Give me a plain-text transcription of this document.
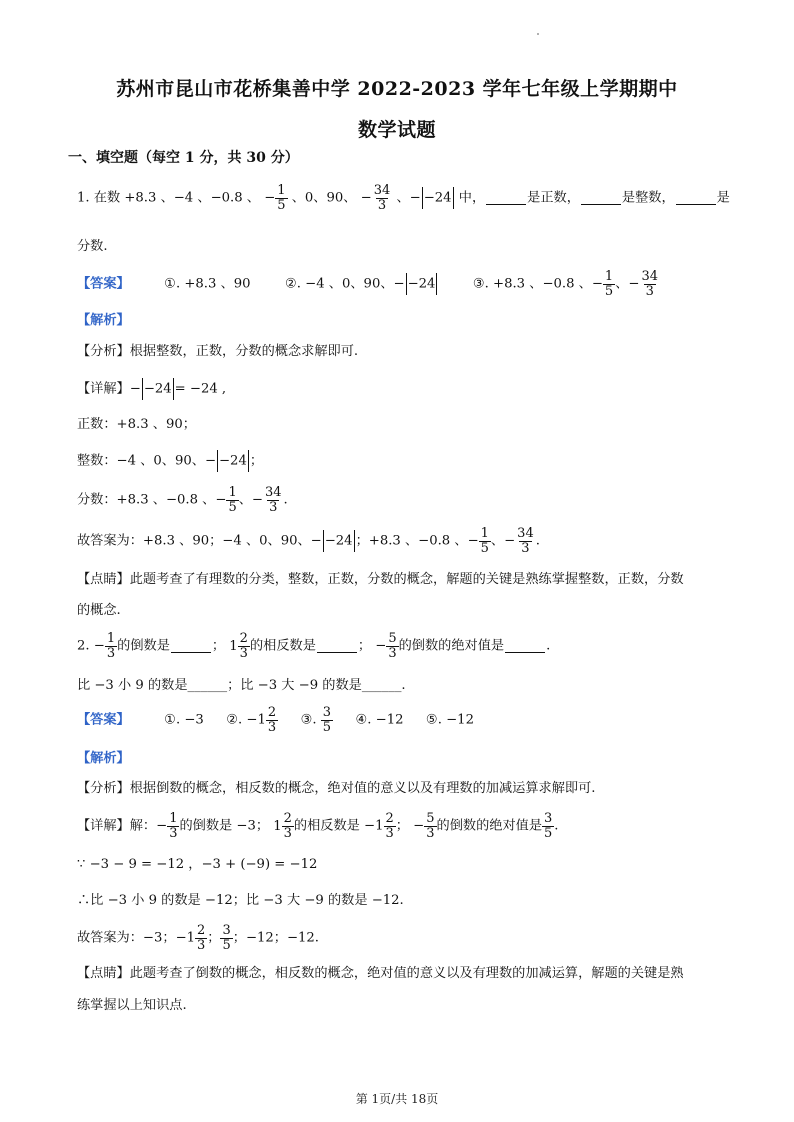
苏州市昆山市花桥集善中学 2022-2023 学年七年级上学期期中
数学试题
一、填空题（每空 1 分，共 30 分）
1. 在数 +8.3 、−4 、−0.8 、 − $\frac{1}{5}$ 、0、90、 − $\frac{34}{3}$ 、− −24 中，	是正数，	是整数，	是
分数.
【答案】	①. +8.3 、90	②. −4 、0、90、− −24	③. +8.3 、−0.8 、− $\frac{1}{5}$ 、− $\frac{34}{3}$
【解析】
【分析】根据整数，正数，分数的概念求解即可.
【详解】− −24 = −24 ,
正数：+8.3 、90；
整数：−4 、0、90、− −24 ；
分数：+8.3 、−0.8 、− $\frac{1}{5}$ 、− $\frac{34}{3}$ .
故答案为：+8.3 、90；−4 、0、90、− −24 ；+8.3 、−0.8 、− $\frac{1}{5}$ 、− $\frac{34}{3}$ .
【点睛】此题考查了有理数的分类，整数，正数，分数的概念，解题的关键是熟练掌握整数，正数，分数
的概念.
2. − $\frac{1}{3}$ 的倒数是	； $1 \frac{2}{3}$ 的相反数是	； − $\frac{5}{3}$ 的倒数的绝对值是	.
比 −3 小 9 的数是______；比 −3 大 −9 的数是______.
【答案】	①. −3 ②. $-1 \frac{2}{3}$ ③. $\frac{3}{5}$ ④. −12 ⑤. −12
【解析】
【分析】根据倒数的概念，相反数的概念，绝对值的意义以及有理数的加减运算求解即可.
【详解】解：− $\frac{1}{3}$ 的倒数是 −3； $1 \frac{2}{3}$ 的相反数是 $-1 \frac{2}{3}$ ； − $\frac{5}{3}$ 的倒数的绝对值是 $\frac{3}{5}$ .
∵ −3 − 9 = −12 ，−3 + (−9) = −12
∴比 −3 小 9 的数是 −12；比 −3 大 −9 的数是 −12.
故答案为：−3；$-1 \frac{2}{3}$ ； $\frac{3}{5}$ ；−12；−12.
【点睛】此题考查了倒数的概念，相反数的概念，绝对值的意义以及有理数的加减运算，解题的关键是熟
练掌握以上知识点.
第 1页/共 18页
